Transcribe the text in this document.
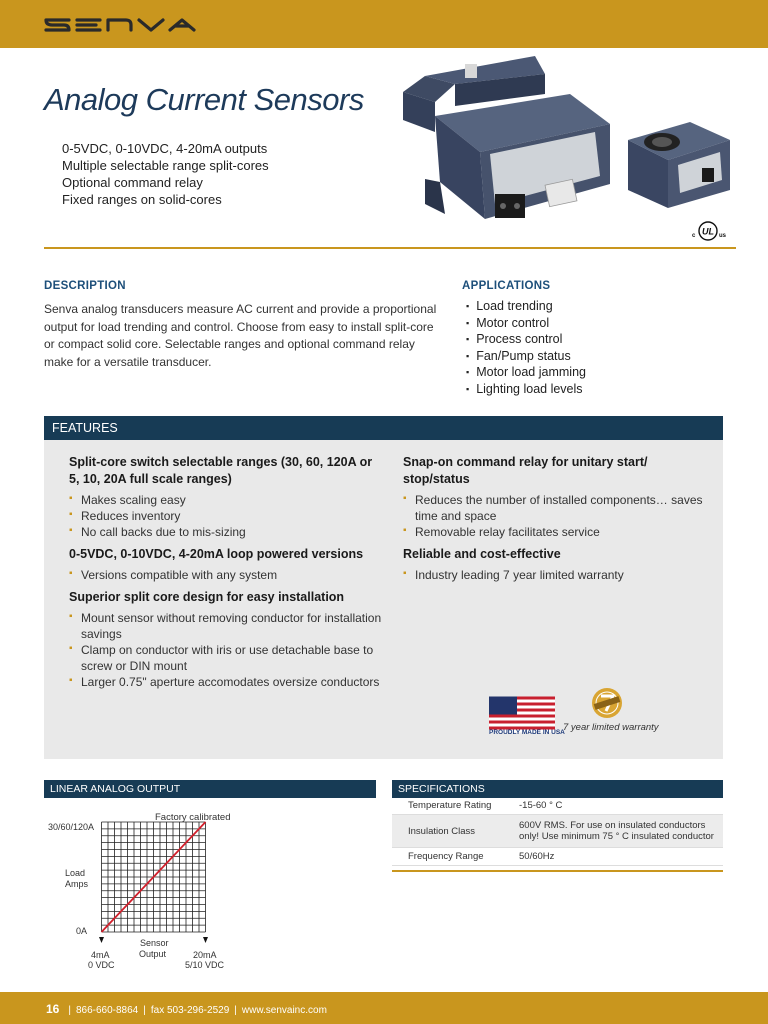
Analog Current Sensors
0-5VDC, 0-10VDC, 4-20mA outputs
Multiple selectable range split-cores
Optional command relay
Fixed ranges on solid-cores
UL
c	us
DESCRIPTION
Senva analog transducers measure AC current and provide a proportional output for load trending and control. Choose from easy to install split-core or compact solid core. Selectable ranges and optional command relay make for a versatile transducer.
APPLICATIONS
▪ Load trending
▪ Motor control
▪ Process control
▪ Fan/Pump status
▪ Motor load jamming
▪ Lighting load levels
FEATURES
Split-core switch selectable ranges (30, 60, 120A or 5, 10, 20A full scale ranges)
▪ Makes scaling easy
▪ Reduces inventory
▪ No call backs due to mis-sizing
0-5VDC, 0-10VDC, 4-20mA loop powered versions
▪ Versions compatible with any system
Superior split core design for easy installation
▪ Mount sensor without removing conductor for installation savings
▪ Clamp on conductor with iris or use detachable base to screw or DIN mount
▪ Larger 0.75" aperture accomodates oversize conductors
Snap-on command relay for unitary start/ stop/status
▪ Reduces the number of installed components… saves time and space
▪ Removable relay facilitates service
Reliable and cost-effective
▪ Industry leading 7 year limited warranty
PROUDLY MADE IN USA
7 year limited warranty
LINEAR ANALOG OUTPUT
Factory calibrated
30/60/120A
Load
Amps
0A
4mA
0 VDC
Sensor
Output	20mA
5/10 VDC
SPECIFICATIONS
Temperature Rating	-15-60 ° C
Insulation Class	600V RMS. For use on insulated conductors only! Use minimum 75 ° C insulated conductor
Frequency Range	50/60Hz
16 | 866-660-8864 | fax 503-296-2529 | www.senvainc.com
